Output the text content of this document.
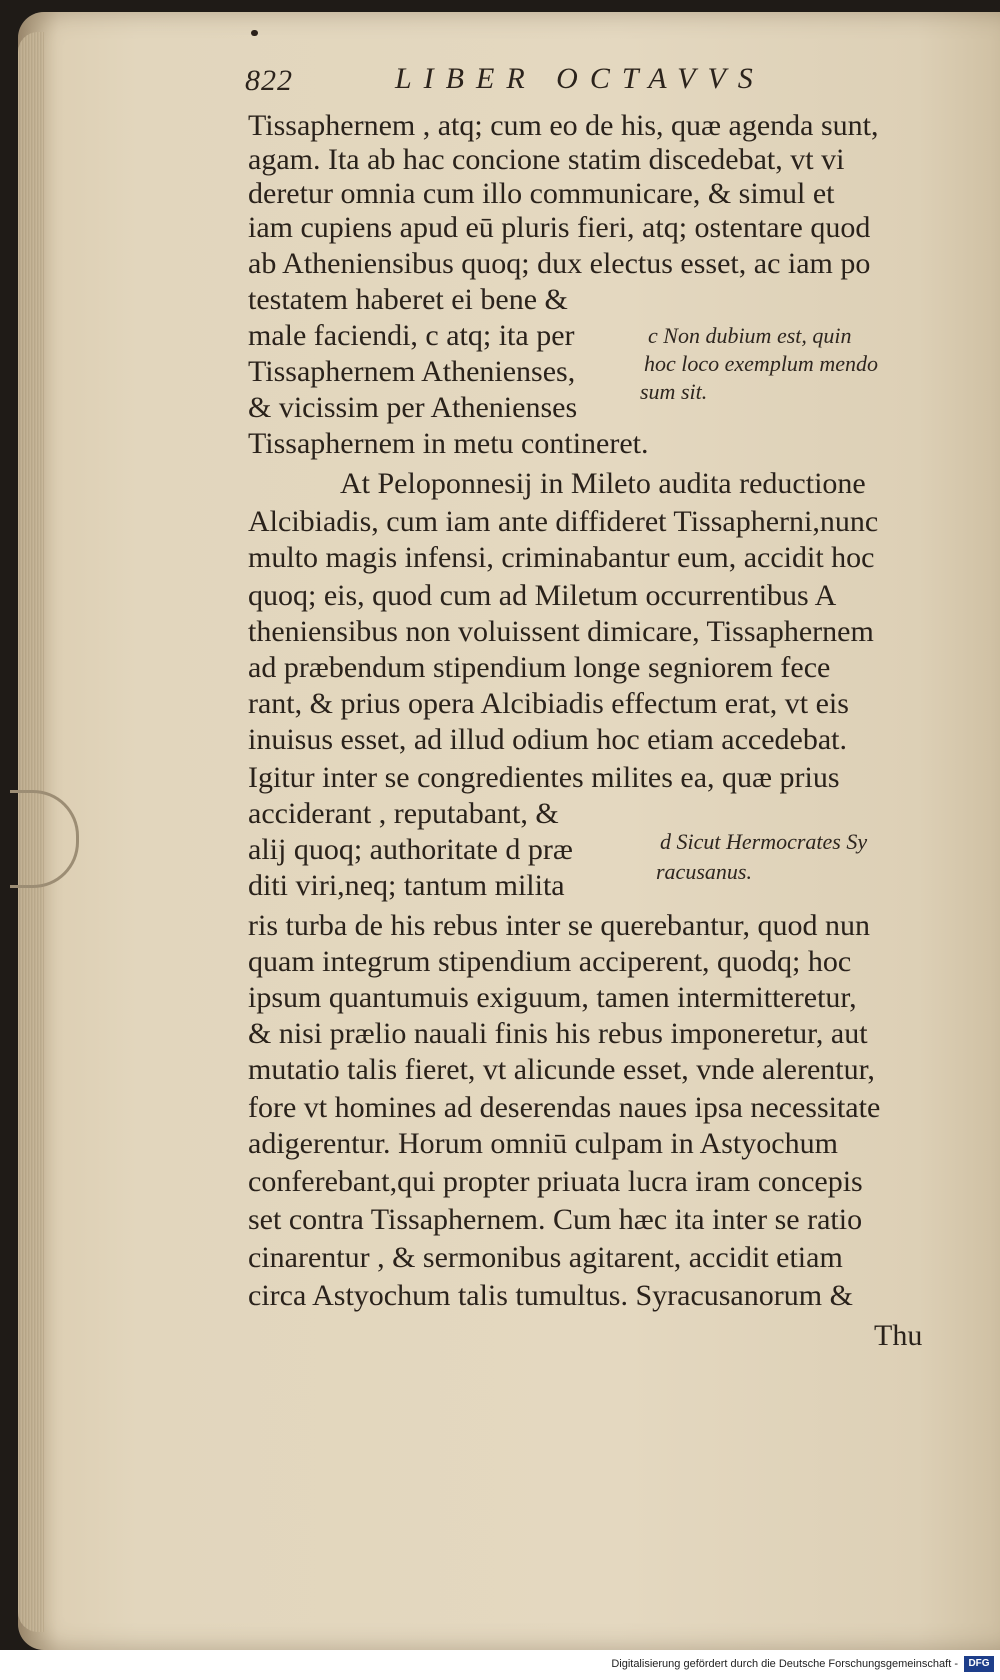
822	LIBER OCTAVVS
Tissaphernem , atq; cum eo de his, quæ agenda sunt,
agam. Ita ab hac concione statim discedebat, vt vi
deretur omnia cum illo communicare, & simul et
iam cupiens apud eū pluris fieri, atq; ostentare quod
ab Atheniensibus quoq; dux electus esset, ac iam po
testatem haberet ei bene &
male faciendi, c atq; ita per
Tissaphernem Athenienses,
& vicissim per Athenienses
Tissaphernem in metu contineret.
At Peloponnesij in Mileto audita reductione
Alcibiadis, cum iam ante diffideret Tissapherni,nunc
multo magis infensi, criminabantur eum, accidit hoc
quoq; eis, quod cum ad Miletum occurrentibus A
theniensibus non voluissent dimicare, Tissaphernem
ad præbendum stipendium longe segniorem fece
rant, & prius opera Alcibiadis effectum erat, vt eis
inuisus esset, ad illud odium hoc etiam accedebat.
Igitur inter se congredientes milites ea, quæ prius
acciderant , reputabant, &
alij quoq; authoritate d præ
diti viri,neq; tantum milita
ris turba de his rebus inter se querebantur, quod nun
quam integrum stipendium acciperent, quodq; hoc
ipsum quantumuis exiguum, tamen intermitteretur,
& nisi prælio nauali finis his rebus imponeretur, aut
mutatio talis fieret, vt alicunde esset, vnde alerentur,
fore vt homines ad deserendas naues ipsa necessitate
adigerentur. Horum omniū culpam in Astyochum
conferebant,qui propter priuata lucra iram concepis
set contra Tissaphernem. Cum hæc ita inter se ratio
cinarentur , & sermonibus agitarent, accidit etiam
circa Astyochum talis tumultus. Syracusanorum &
Thu
c Non dubium est, quin
hoc loco exemplum mendo
sum sit.
d Sicut Hermocrates Sy
racusanus.
Digitalisierung gefördert durch die Deutsche Forschungsgemeinschaft -	DFG
